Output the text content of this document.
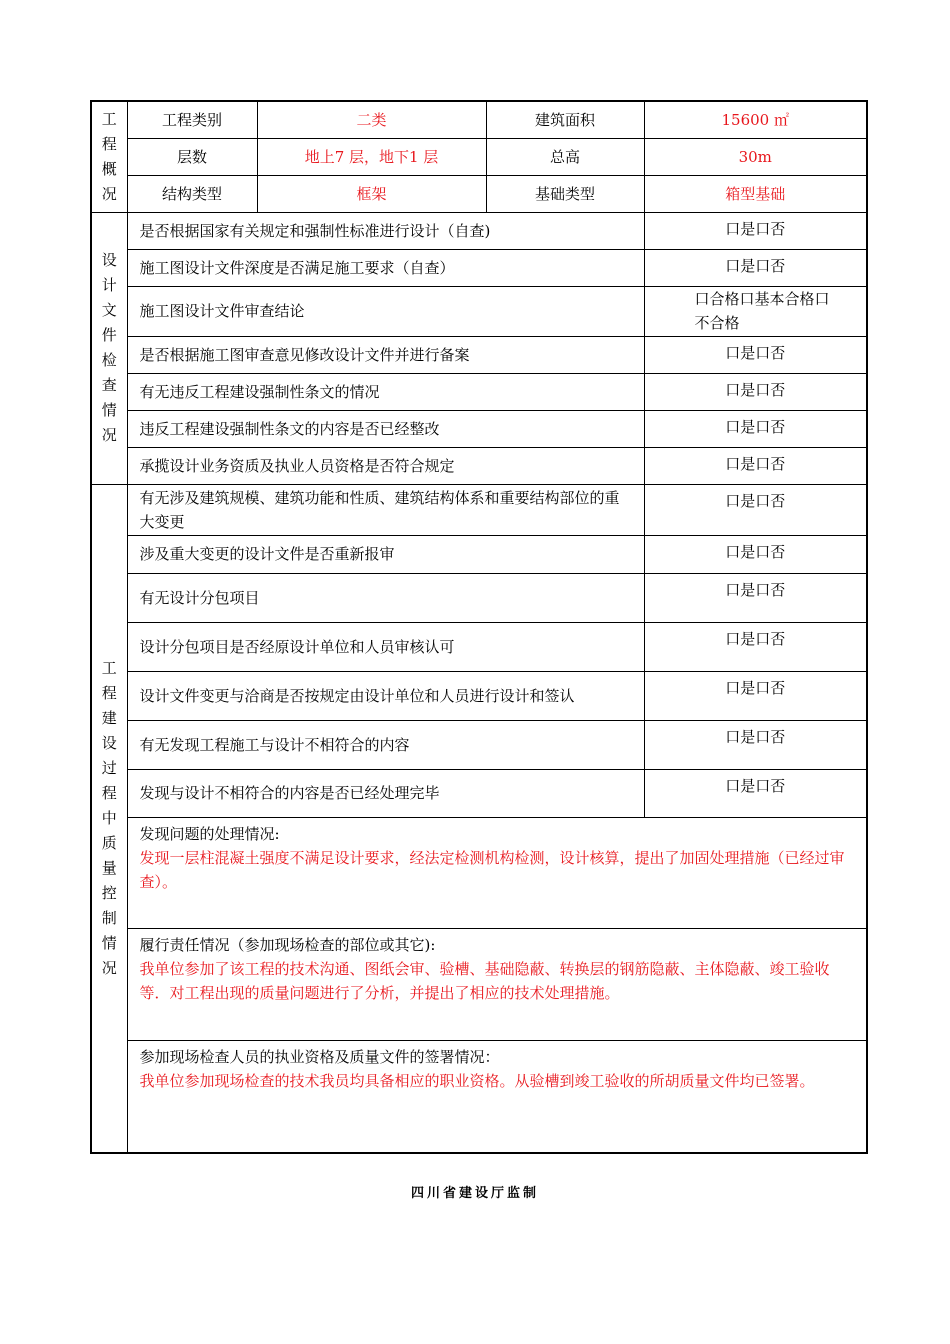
工程概况	工程类别	二类	建筑面积	15600 ㎡
	层数	地上7 层，地下1 层	总高	30m
	结构类型	框架	基础类型	箱型基础
设计文件检查情况	是否根据国家有关规定和强制性标准进行设计（自查)			口是口否
	施工图设计文件深度是否满足施工要求（自查）			口是口否
	施工图设计文件审查结论			口合格口基本合格口不合格
	是否根据施工图审查意见修改设计文件并进行备案			口是口否
	有无违反工程建设强制性条文的情况			口是口否
	违反工程建设强制性条文的内容是否已经整改			口是口否
	承揽设计业务资质及执业人员资格是否符合规定			口是口否
工程建设过程中质量控制情况	有无涉及建筑规模、建筑功能和性质、建筑结构体系和重要结构部位的重大变更			口是口否
	涉及重大变更的设计文件是否重新报审			口是口否
	有无设计分包项目			口是口否
	设计分包项目是否经原设计单位和人员审核认可			口是口否
	设计文件变更与洽商是否按规定由设计单位和人员进行设计和签认			口是口否
	有无发现工程施工与设计不相符合的内容			口是口否
	发现与设计不相符合的内容是否已经处理完毕			口是口否

	发现问题的处理情况:
发现一层柱混凝土强度不满足设计要求，经法定检测机构检测，设计核算，提出了加固处理措施（已经过审查）。			

	履行责任情况（参加现场检查的部位或其它):
我单位参加了该工程的技术沟通、图纸会审、验槽、基础隐蔽、转换层的钢筋隐蔽、主体隐蔽、竣工验收等．对工程出现的质量问题进行了分析，并提出了相应的技术处理措施。			

	参加现场检查人员的执业资格及质量文件的签署情况：
我单位参加现场检查的技术我员均具备相应的职业资格。从验槽到竣工验收的所胡质量文件均已签署。			
四川省建设厅监制
